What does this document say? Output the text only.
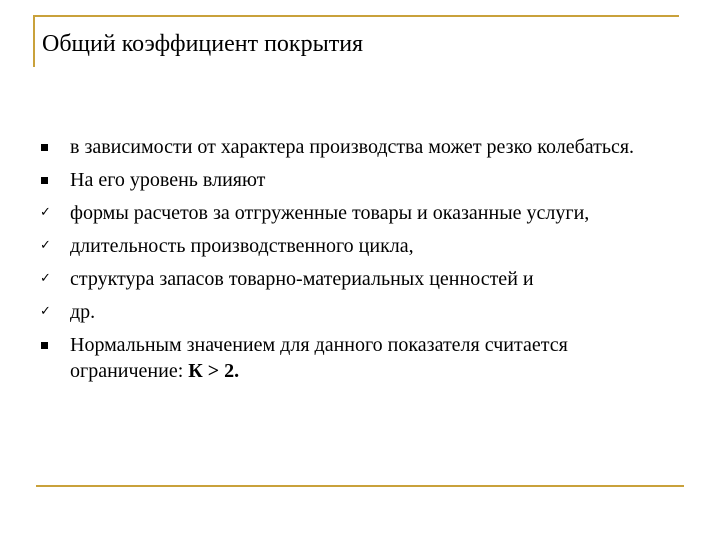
Общий коэффициент покрытия
в зависимости от характера производства может резко колебаться.
На его уровень влияют
✓
формы расчетов за отгруженные товары и оказанные услуги,
✓
длительность производственного цикла,
✓
структура запасов товарно-материальных ценностей и
✓
др.
Нормальным значением для данного показателя считается ограничение: К > 2.
